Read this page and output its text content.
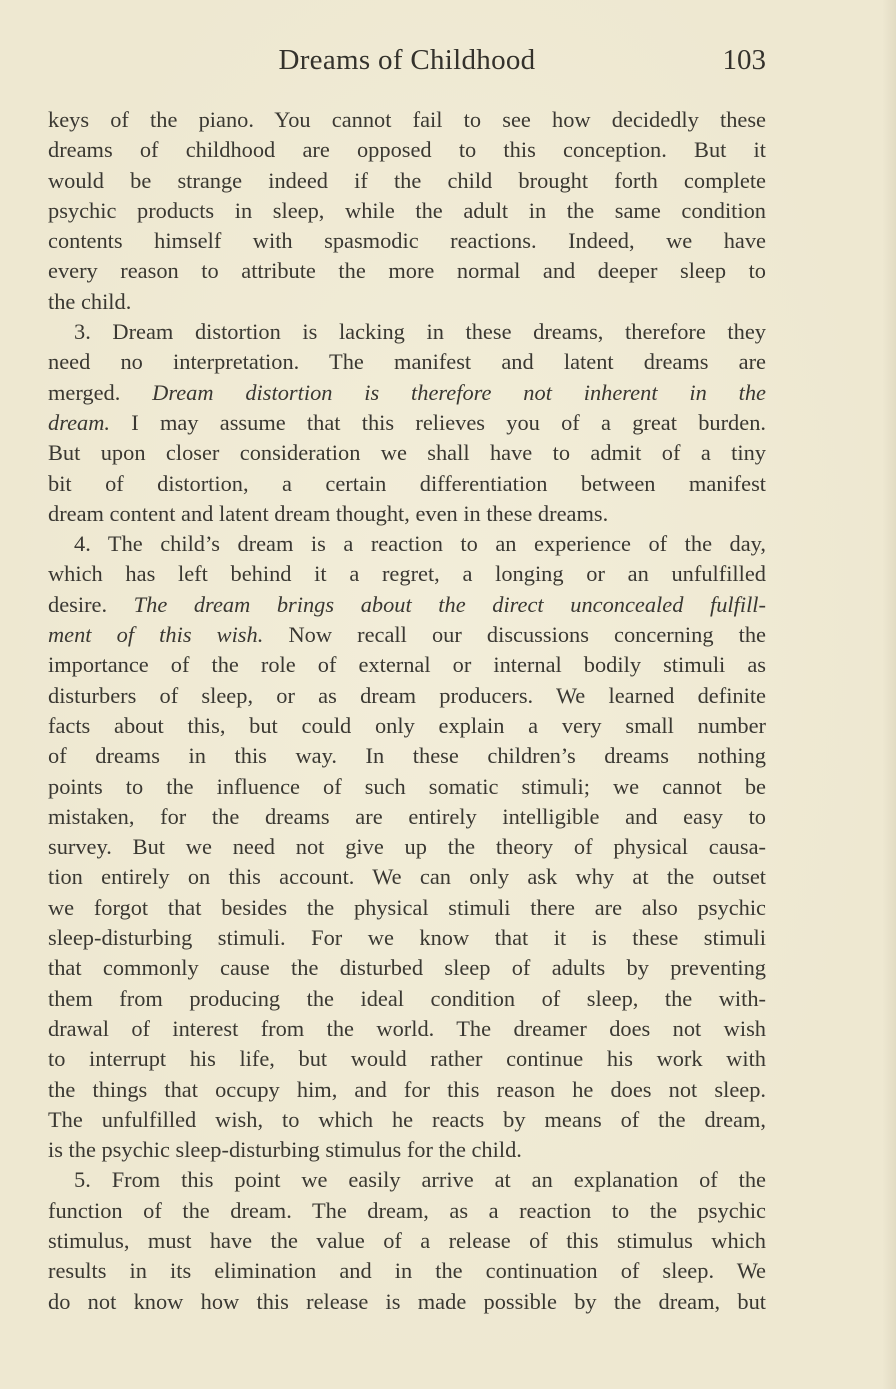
Dreams of Childhood	103
keys of the piano. You cannot fail to see how decidedly these
dreams of childhood are opposed to this conception. But it
would be strange indeed if the child brought forth complete
psychic products in sleep, while the adult in the same condition
contents himself with spasmodic reactions. Indeed, we have
every reason to attribute the more normal and deeper sleep to
the child.
3. Dream distortion is lacking in these dreams, therefore they
need no interpretation. The manifest and latent dreams are
merged. Dream distortion is therefore not inherent in the
dream. I may assume that this relieves you of a great burden.
But upon closer consideration we shall have to admit of a tiny
bit of distortion, a certain differentiation between manifest
dream content and latent dream thought, even in these dreams.
4. The child’s dream is a reaction to an experience of the day,
which has left behind it a regret, a longing or an unfulfilled
desire. The dream brings about the direct unconcealed fulfill-
ment of this wish. Now recall our discussions concerning the
importance of the role of external or internal bodily stimuli as
disturbers of sleep, or as dream producers. We learned definite
facts about this, but could only explain a very small number
of dreams in this way. In these children’s dreams nothing
points to the influence of such somatic stimuli; we cannot be
mistaken, for the dreams are entirely intelligible and easy to
survey. But we need not give up the theory of physical causa-
tion entirely on this account. We can only ask why at the outset
we forgot that besides the physical stimuli there are also psychic
sleep-disturbing stimuli. For we know that it is these stimuli
that commonly cause the disturbed sleep of adults by preventing
them from producing the ideal condition of sleep, the with-
drawal of interest from the world. The dreamer does not wish
to interrupt his life, but would rather continue his work with
the things that occupy him, and for this reason he does not sleep.
The unfulfilled wish, to which he reacts by means of the dream,
is the psychic sleep-disturbing stimulus for the child.
5. From this point we easily arrive at an explanation of the
function of the dream. The dream, as a reaction to the psychic
stimulus, must have the value of a release of this stimulus which
results in its elimination and in the continuation of sleep. We
do not know how this release is made possible by the dream, but
